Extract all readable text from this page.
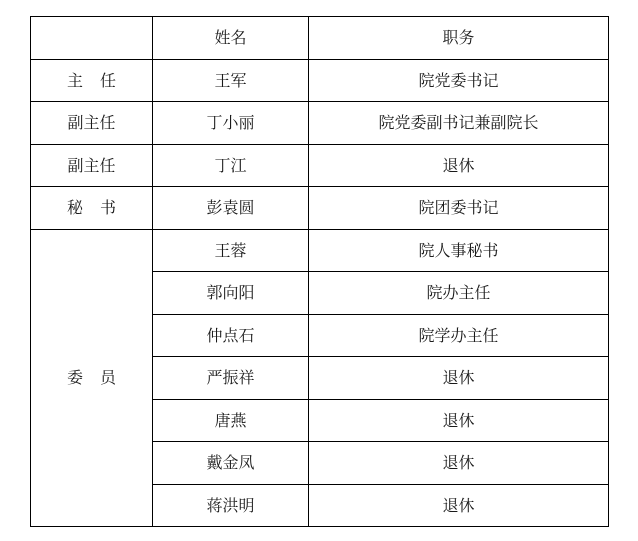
	姓名	职务
主 任	王军	院党委书记
副主任	丁小丽	院党委副书记兼副院长
副主任	丁江	退休
秘 书	彭袁圆	院团委书记
委 员	王蓉	院人事秘书
	郭向阳	院办主任
	仲点石	院学办主任
	严振祥	退休
	唐燕	退休
	戴金凤	退休
	蒋洪明	退休
